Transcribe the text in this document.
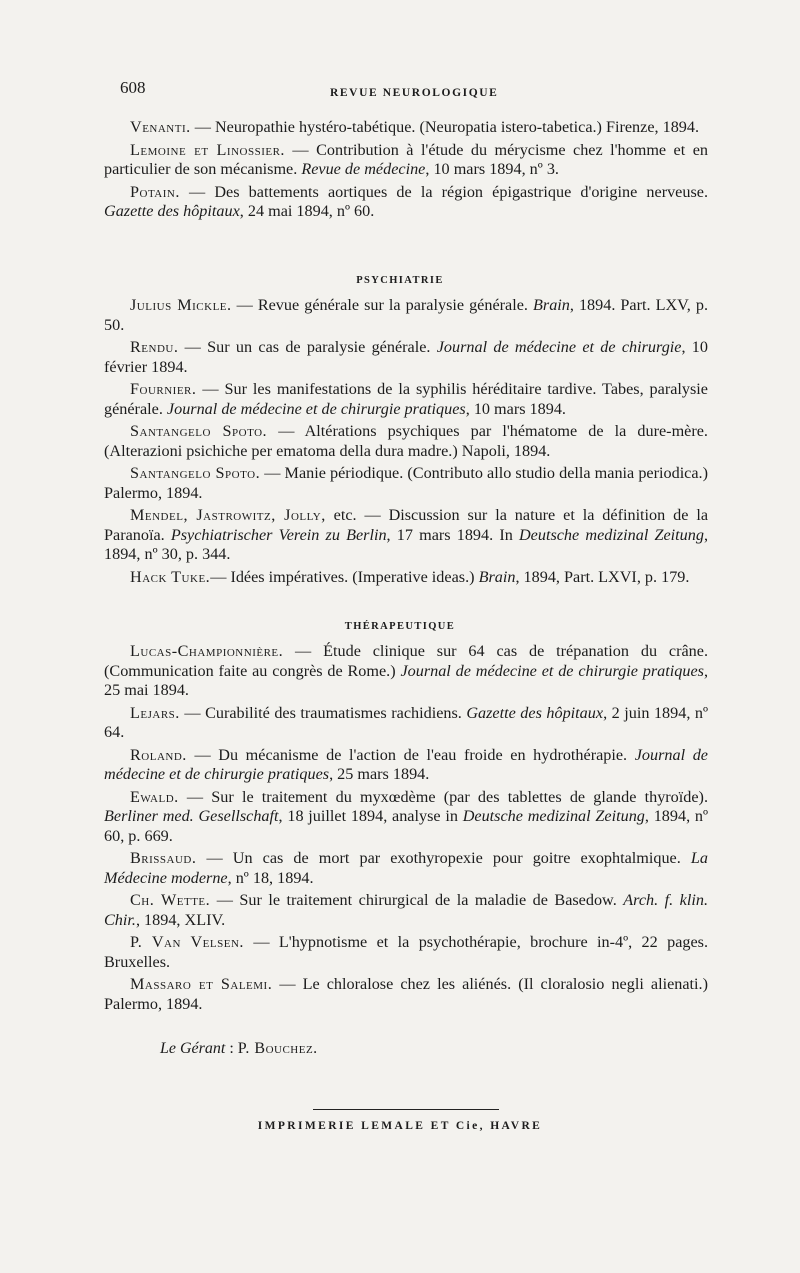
608	REVUE NEUROLOGIQUE

Venanti. — Neuropathie hystéro-tabétique. (Neuropatia istero-tabetica.) Firenze, 1894.

Lemoine et Linossier. — Contribution à l'étude du mérycisme chez l'homme et en particulier de son mécanisme. Revue de médecine, 10 mars 1894, nº 3.

Potain. — Des battements aortiques de la région épigastrique d'origine nerveuse. Gazette des hôpitaux, 24 mai 1894, nº 60.

PSYCHIATRIE

Julius Mickle. — Revue générale sur la paralysie générale. Brain, 1894. Part. LXV, p. 50.

Rendu. — Sur un cas de paralysie générale. Journal de médecine et de chirurgie, 10 février 1894.

Fournier. — Sur les manifestations de la syphilis héréditaire tardive. Tabes, paralysie générale. Journal de médecine et de chirurgie pratiques, 10 mars 1894.

Santangelo Spoto. — Altérations psychiques par l'hématome de la dure-mère. (Alterazioni psichiche per ematoma della dura madre.) Napoli, 1894.

Santangelo Spoto. — Manie périodique. (Contributo allo studio della mania periodica.) Palermo, 1894.

Mendel, Jastrowitz, Jolly, etc. — Discussion sur la nature et la définition de la Paranoïa. Psychiatrischer Verein zu Berlin, 17 mars 1894. In Deutsche medizinal Zeitung, 1894, nº 30, p. 344.

Hack Tuke.— Idées impératives. (Imperative ideas.) Brain, 1894, Part. LXVI, p. 179.

THÉRAPEUTIQUE

Lucas-Championnière. — Étude clinique sur 64 cas de trépanation du crâne. (Communication faite au congrès de Rome.) Journal de médecine et de chirurgie pratiques, 25 mai 1894.

Lejars. — Curabilité des traumatismes rachidiens. Gazette des hôpitaux, 2 juin 1894, nº 64.

Roland. — Du mécanisme de l'action de l'eau froide en hydrothérapie. Journal de médecine et de chirurgie pratiques, 25 mars 1894.

Ewald. — Sur le traitement du myxœdème (par des tablettes de glande thyroïde). Berliner med. Gesellschaft, 18 juillet 1894, analyse in Deutsche medizinal Zeitung, 1894, nº 60, p. 669.

Brissaud. — Un cas de mort par exothyropexie pour goitre exophtalmique. La Médecine moderne, nº 18, 1894.

Ch. Wette. — Sur le traitement chirurgical de la maladie de Basedow. Arch. f. klin. Chir., 1894, XLIV.

P. Van Velsen. — L'hypnotisme et la psychothérapie, brochure in-4º, 22 pages. Bruxelles.

Massaro et Salemi. — Le chloralose chez les aliénés. (Il cloralosio negli alienati.) Palermo, 1894.

Le Gérant : P. Bouchez.
IMPRIMERIE LEMALE ET Cie, HAVRE
